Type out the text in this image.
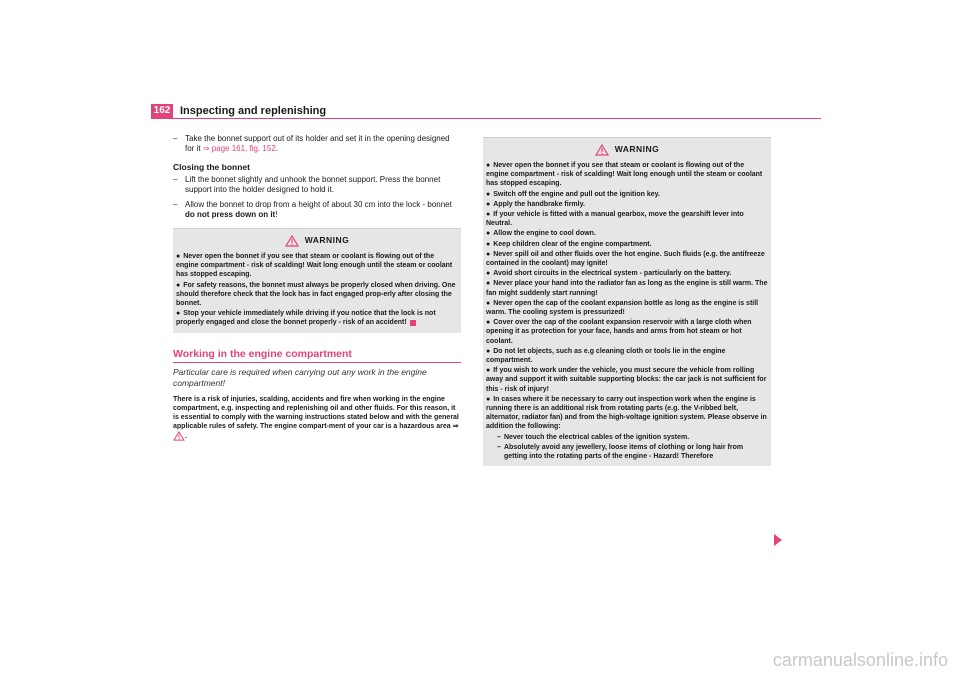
162 Inspecting and replenishing
– Take the bonnet support out of its holder and set it in the opening designed for it ⇒ page 161, fig. 152.
Closing the bonnet
– Lift the bonnet slightly and unhook the bonnet support. Press the bonnet support into the holder designed to hold it.
– Allow the bonnet to drop from a height of about 30 cm into the lock - bonnet do not press down on it!
WARNING
● Never open the bonnet if you see that steam or coolant is flowing out of the engine compartment - risk of scalding! Wait long enough until the steam or coolant has stopped escaping.
● For safety reasons, the bonnet must always be properly closed when driving. One should therefore check that the lock has in fact engaged prop-erly after closing the bonnet.
● Stop your vehicle immediately while driving if you notice that the lock is not properly engaged and close the bonnet properly - risk of an accident!
Working in the engine compartment
Particular care is required when carrying out any work in the engine compartment!
There is a risk of injuries, scalding, accidents and fire when working in the engine compartment, e.g. inspecting and replenishing oil and other fluids. For this reason, it is essential to comply with the warning instructions stated below and with the general applicable rules of safety. The engine compart-ment of your car is a hazardous area ⇒ .
WARNING
● Never open the bonnet if you see that steam or coolant is flowing out of the engine compartment - risk of scalding! Wait long enough until the steam or coolant has stopped escaping.
● Switch off the engine and pull out the ignition key.
● Apply the handbrake firmly.
● If your vehicle is fitted with a manual gearbox, move the gearshift lever into Neutral.
● Allow the engine to cool down.
● Keep children clear of the engine compartment.
● Never spill oil and other fluids over the hot engine. Such fluids (e.g. the antifreeze contained in the coolant) may ignite!
● Avoid short circuits in the electrical system - particularly on the battery.
● Never place your hand into the radiator fan as long as the engine is still warm. The fan might suddenly start running!
● Never open the cap of the coolant expansion bottle as long as the engine is still warm. The cooling system is pressurized!
● Cover over the cap of the coolant expansion reservoir with a large cloth when opening it as protection for your face, hands and arms from hot steam or hot coolant.
● Do not let objects, such as e.g cleaning cloth or tools lie in the engine compartment.
● If you wish to work under the vehicle, you must secure the vehicle from rolling away and support it with suitable supporting blocks: the car jack is not sufficient for this - risk of injury!
● In cases where it be necessary to carry out inspection work when the engine is running there is an additional risk from rotating parts (e.g. the V-ribbed belt, alternator, radiator fan) and from the high-voltage ignition system. Please observe in addition the following:
– Never touch the electrical cables of the ignition system.
– Absolutely avoid any jewellery, loose items of clothing or long hair from getting into the rotating parts of the engine - Hazard! Therefore
carmanualsonline.info
